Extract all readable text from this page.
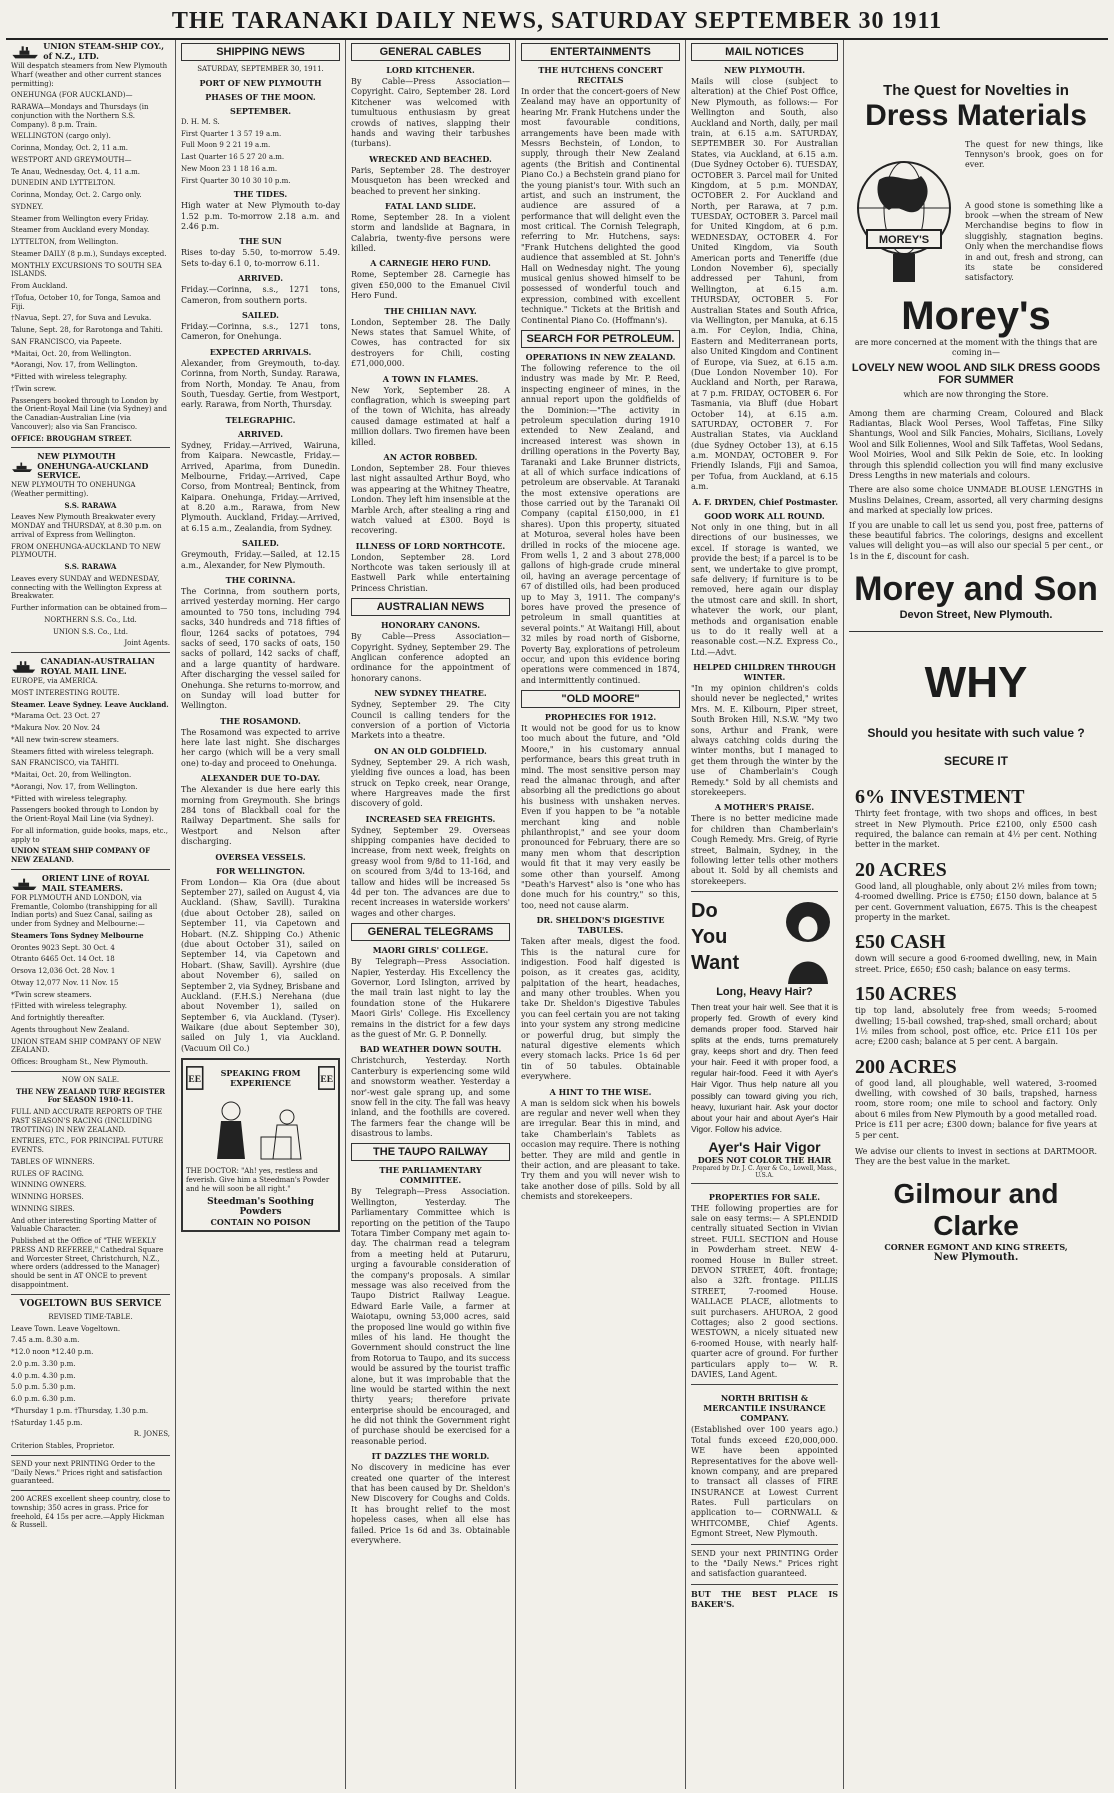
THE TARANAKI DAILY NEWS, SATURDAY SEPTEMBER 30 1911
UNION STEAM-SHIP COY., of N.Z., LTD.

Will despatch steamers from New Plymouth Wharf (weather and other current stances permitting):

ONEHUNGA (FOR AUCKLAND)—

RARAWA—Mondays and Thursdays (in conjunction with the Northern S.S. Company). 8 p.m. Train.

WELLINGTON (cargo only).

Corinna, Monday, Oct. 2, 11 a.m.

WESTPORT AND GREYMOUTH—

Te Anau, Wednesday, Oct. 4, 11 a.m.

DUNEDIN AND LYTTELTON.

Corinna, Monday, Oct. 2. Cargo only.

SYDNEY.

Steamer from Wellington every Friday.

Steamer from Auckland every Monday.

LYTTELTON, from Wellington.

Steamer DAILY (8 p.m.), Sundays excepted.

MONTHLY EXCURSIONS TO SOUTH SEA ISLANDS.

From Auckland.

†Tofua, October 10, for Tonga, Samoa and Fiji.

†Navua, Sept. 27, for Suva and Levuka.

Talune, Sept. 28, for Rarotonga and Tahiti.

SAN FRANCISCO, via Papeete.

*Maitai, Oct. 20, from Wellington.

*Aorangi, Nov. 17, from Wellington.

*Fitted with wireless telegraphy.

†Twin screw.

Passengers booked through to London by the Orient-Royal Mail Line (via Sydney) and the Canadian-Australian Line (via Vancouver); also via San Francisco.

OFFICE: BROUGHAM STREET.

NEW PLYMOUTH ONEHUNGA-AUCKLAND SERVICE.

NEW PLYMOUTH TO ONEHUNGA (Weather permitting).

S.S. RARAWA

Leaves New Plymouth Breakwater every MONDAY and THURSDAY, at 8.30 p.m. on arrival of Express from Wellington.

FROM ONEHUNGA-AUCKLAND TO NEW PLYMOUTH.

S.S. RARAWA

Leaves every SUNDAY and WEDNESDAY, connecting with the Wellington Express at Breakwater.

Further information can be obtained from—

NORTHERN S.S. Co., Ltd.

UNION S.S. Co., Ltd.

Joint Agents.

CANADIAN-AUSTRALIAN ROYAL MAIL LINE.

EUROPE, via AMERICA.

MOST INTERESTING ROUTE.

Steamer. Leave Sydney. Leave Auckland.

*Marama Oct. 23 Oct. 27

*Makura Nov. 20 Nov. 24

*All new twin-screw steamers.

Steamers fitted with wireless telegraph.

SAN FRANCISCO, via TAHITI.

*Maitai, Oct. 20, from Wellington.

*Aorangi, Nov. 17, from Wellington.

*Fitted with wireless telegraphy.

Passengers booked through to London by the Orient-Royal Mail Line (via Sydney).

For all information, guide books, maps, etc., apply to

UNION STEAM SHIP COMPANY OF NEW ZEALAND.

ORIENT LINE of ROYAL MAIL STEAMERS.

FOR PLYMOUTH AND LONDON, via Fremantle, Colombo (transhipping for all Indian ports) and Suez Canal, sailing as under from Sydney and Melbourne:—

Steamers Tons Sydney Melbourne

Orontes 9023 Sept. 30 Oct. 4

Otranto 6465 Oct. 14 Oct. 18

Orsova 12,036 Oct. 28 Nov. 1

Otway 12,077 Nov. 11 Nov. 15

*Twin screw steamers.

†Fitted with wireless telegraphy.

And fortnightly thereafter.

Agents throughout New Zealand.

UNION STEAM SHIP COMPANY OF NEW ZEALAND.

Offices: Brougham St., New Plymouth.

NOW ON SALE.

THE NEW ZEALAND TURF REGISTER For SEASON 1910-11.

FULL AND ACCURATE REPORTS OF THE PAST SEASON'S RACING (INCLUDING TROTTING) IN NEW ZEALAND.

ENTRIES, ETC., FOR PRINCIPAL FUTURE EVENTS.

TABLES OF WINNERS.

RULES OF RACING.

WINNING OWNERS.

WINNING HORSES.

WINNING SIRES.

And other interesting Sporting Matter of Valuable Character.

Published at the Office of "THE WEEKLY PRESS AND REFEREE," Cathedral Square and Worcester Street, Christchurch, N.Z., where orders (addressed to the Manager) should be sent in AT ONCE to prevent disappointment.

VOGELTOWN BUS SERVICE

REVISED TIME-TABLE.

Leave Town. Leave Vogeltown.

7.45 a.m. 8.30 a.m.

*12.0 noon *12.40 p.m.

2.0 p.m. 3.30 p.m.

4.0 p.m. 4.30 p.m.

5.0 p.m. 5.30 p.m.

6.0 p.m. 6.30 p.m.

*Thursday 1 p.m. †Thursday, 1.30 p.m.

†Saturday 1.45 p.m.

R. JONES,

Criterion Stables, Proprietor.

SEND your next PRINTING Order to the "Daily News." Prices right and satisfaction guaranteed.

200 ACRES excellent sheep country, close to township; 350 acres in grass. Price for freehold, £4 15s per acre.—Apply Hickman & Russell.

SHIPPING NEWS

SATURDAY, SEPTEMBER 30, 1911.

PORT OF NEW PLYMOUTH
PHASES OF THE MOON.
SEPTEMBER.

D. H. M. S.

First Quarter 1 3 57 19 a.m.

Full Moon 9 2 21 19 a.m.

Last Quarter 16 5 27 20 a.m.

New Moon 23 1 18 16 a.m.

First Quarter 30 10 30 10 p.m.

THE TIDES.

High water at New Plymouth to-day 1.52 p.m. To-morrow 2.18 a.m. and 2.46 p.m.

THE SUN

Rises to-day 5.50, to-morrow 5.49. Sets to-day 6.1 0, to-morrow 6.11.

ARRIVED.

Friday.—Corinna, s.s., 1271 tons, Cameron, from southern ports.

SAILED.

Friday.—Corinna, s.s., 1271 tons, Cameron, for Onehunga.

EXPECTED ARRIVALS.

Alexander, from Greymouth, to-day. Corinna, from North, Sunday. Rarawa, from North, Monday. Te Anau, from South, Tuesday. Gertie, from Westport, early. Rarawa, from North, Thursday.

TELEGRAPHIC.
ARRIVED.

Sydney, Friday.—Arrived, Wairuna, from Kaipara. Newcastle, Friday.—Arrived, Aparima, from Dunedin. Melbourne, Friday.—Arrived, Cape Corso, from Montreal; Bentinck, from Kaipara. Onehunga, Friday.—Arrived, at 8.20 a.m., Rarawa, from New Plymouth. Auckland, Friday.—Arrived, at 6.15 a.m., Zealandia, from Sydney.

SAILED.

Greymouth, Friday.—Sailed, at 12.15 a.m., Alexander, for New Plymouth.

THE CORINNA.

The Corinna, from southern ports, arrived yesterday morning. Her cargo amounted to 750 tons, including 794 sacks, 340 hundreds and 718 fifties of flour, 1264 sacks of potatoes, 794 sacks of seed, 170 sacks of oats, 150 sacks of pollard, 142 sacks of chaff, and a large quantity of hardware. After discharging the vessel sailed for Onehunga. She returns to-morrow, and on Sunday will load butter for Wellington.

THE ROSAMOND.

The Rosamond was expected to arrive here late last night. She discharges her cargo (which will be a very small one) to-day and proceed to Onehunga.

ALEXANDER DUE TO-DAY.

The Alexander is due here early this morning from Greymouth. She brings 284 tons of Blackball coal for the Railway Department. She sails for Westport and Nelson after discharging.

OVERSEA VESSELS.
FOR WELLINGTON.

From London— Kia Ora (due about September 27), sailed on August 4, via Auckland. (Shaw, Savill). Turakina (due about October 28), sailed on September 11, via Capetown and Hobart. (N.Z. Shipping Co.) Athenic (due about October 31), sailed on September 14, via Capetown and Hobart. (Shaw, Savill). Ayrshire (due about November 6), sailed on September 2, via Sydney, Brisbane and Auckland. (F.H.S.) Nerehana (due about November 1), sailed on September 6, via Auckland. (Tyser). Waikare (due about September 30), sailed on July 1, via Auckland. (Vacuum Oil Co.)

EE
SPEAKING FROM EXPERIENCE	EE

THE DOCTOR: "Ah! yes, restless and feverish. Give him a Steedman's Powder and he will soon be all right."

Steedman's Soothing Powders
CONTAIN NO POISON
GENERAL CABLES
LORD KITCHENER.

By Cable—Press Association—Copyright. Cairo, September 28. Lord Kitchener was welcomed with tumultuous enthusiasm by great crowds of natives, slapping their hands and waving their tarbushes (turbans).

WRECKED AND BEACHED.

Paris, September 28. The destroyer Mousqueton has been wrecked and beached to prevent her sinking.

FATAL LAND SLIDE.

Rome, September 28. In a violent storm and landslide at Bagnara, in Calabria, twenty-five persons were killed.

A CARNEGIE HERO FUND.

Rome, September 28. Carnegie has given £50,000 to the Emanuel Civil Hero Fund.

THE CHILIAN NAVY.

London, September 28. The Daily News states that Samuel White, of Cowes, has contracted for six destroyers for Chili, costing £71,000,000.

A TOWN IN FLAMES.

New York, September 28. A conflagration, which is sweeping part of the town of Wichita, has already caused damage estimated at half a million dollars. Two firemen have been killed.

AN ACTOR ROBBED.

London, September 28. Four thieves last night assaulted Arthur Boyd, who was appearing at the Whitney Theatre, London. They left him insensible at the Marble Arch, after stealing a ring and watch valued at £300. Boyd is recovering.

ILLNESS OF LORD NORTHCOTE.

London, September 28. Lord Northcote was taken seriously ill at Eastwell Park while entertaining Princess Christian.

AUSTRALIAN NEWS
HONORARY CANONS.

By Cable—Press Association—Copyright. Sydney, September 29. The Anglican conference adopted an ordinance for the appointment of honorary canons.

NEW SYDNEY THEATRE.

Sydney, September 29. The City Council is calling tenders for the conversion of a portion of Victoria Markets into a theatre.

ON AN OLD GOLDFIELD.

Sydney, September 29. A rich wash, yielding five ounces a load, has been struck on Tepko creek, near Orange, where Hargreaves made the first discovery of gold.

INCREASED SEA FREIGHTS.

Sydney, September 29. Overseas shipping companies have decided to increase, from next week, freights on greasy wool from 9/8d to 11-16d, and on scoured from 3/4d to 13-16d, and tallow and hides will be increased 5s 4d per ton. The advances are due to recent increases in waterside workers' wages and other charges.

GENERAL TELEGRAMS
MAORI GIRLS' COLLEGE.

By Telegraph—Press Association. Napier, Yesterday. His Excellency the Governor, Lord Islington, arrived by the mail train last night to lay the foundation stone of the Hukarere Maori Girls' College. His Excellency remains in the district for a few days as the guest of Mr. G. P. Donnelly.

BAD WEATHER DOWN SOUTH.

Christchurch, Yesterday. North Canterbury is experiencing some wild and snowstorm weather. Yesterday a nor'-west gale sprang up, and some snow fell in the city. The fall was heavy inland, and the foothills are covered. The farmers fear the change will be disastrous to lambs.

THE TAUPO RAILWAY
THE PARLIAMENTARY COMMITTEE.

By Telegraph—Press Association. Wellington, Yesterday. The Parliamentary Committee which is reporting on the petition of the Taupo Totara Timber Company met again to-day. The chairman read a telegram from a meeting held at Putaruru, urging a favourable consideration of the company's proposals. A similar message was also received from the Taupo District Railway League. Edward Earle Vaile, a farmer at Waiotapu, owning 53,000 acres, said the proposed line would go within five miles of his land. He thought the Government should construct the line from Rotorua to Taupo, and its success would be assured by the tourist traffic alone, but it was improbable that the line would be started within the next thirty years; therefore private enterprise should be encouraged, and he did not think the Government right of purchase should be exercised for a reasonable period.

IT DAZZLES THE WORLD.

No discovery in medicine has ever created one quarter of the interest that has been caused by Dr. Sheldon's New Discovery for Coughs and Colds. It has brought relief to the most hopeless cases, when all else has failed. Price 1s 6d and 3s. Obtainable everywhere.

ENTERTAINMENTS
THE HUTCHENS CONCERT RECITALS

In order that the concert-goers of New Zealand may have an opportunity of hearing Mr. Frank Hutchens under the most favourable conditions, arrangements have been made with Messrs Bechstein, of London, to supply, through their New Zealand agents (the British and Continental Piano Co.) a Bechstein grand piano for the young pianist's tour. With such an artist, and such an instrument, the audience are assured of a performance that will delight even the most critical. The Cornish Telegraph, referring to Mr. Hutchens, says: "Frank Hutchens delighted the good audience that assembled at St. John's Hall on Wednesday night. The young musical genius showed himself to be possessed of wonderful touch and expression, combined with excellent technique." Tickets at the British and Continental Piano Co. (Hoffmann's).

SEARCH FOR PETROLEUM.
OPERATIONS IN NEW ZEALAND.

The following reference to the oil industry was made by Mr. P. Reed, inspecting engineer of mines, in the annual report upon the goldfields of the Dominion:—"The activity in petroleum speculation during 1910 extended to New Zealand, and increased interest was shown in drilling operations in the Poverty Bay, Taranaki and Lake Brunner districts, at all of which surface indications of petroleum are observable. At Taranaki the most extensive operations are those carried out by the Taranaki Oil Company (capital £150,000, in £1 shares). Upon this property, situated at Moturoa, several holes have been drilled in rocks of the miocene age. From wells 1, 2 and 3 about 278,000 gallons of high-grade crude mineral oil, having an average percentage of 67 of distilled oils, had been produced up to May 3, 1911. The company's bores have proved the presence of petroleum in small quantities at several points." At Waitangi Hill, about 32 miles by road north of Gisborne, Poverty Bay, explorations of petroleum occur, and upon this evidence boring operations were commenced in 1874, and intermittently continued.

"OLD MOORE"
PROPHECIES FOR 1912.

It would not be good for us to know too much about the future, and "Old Moore," in his customary annual performance, bears this great truth in mind. The most sensitive person may read the almanac through, and after absorbing all the predictions go about his business with unshaken nerves. Even if you happen to be "a notable merchant king and noble philanthropist," and see your doom pronounced for February, there are so many men whom that description would fit that it may very easily be some other than yourself. Among "Death's Harvest" also is "one who has done much for his country," so this, too, need not cause alarm.

DR. SHELDON'S DIGESTIVE TABULES.

Taken after meals, digest the food. This is the natural cure for indigestion. Food half digested is poison, as it creates gas, acidity, palpitation of the heart, headaches, and many other troubles. When you take Dr. Sheldon's Digestive Tabules you can feel certain you are not taking into your system any strong medicine or powerful drug, but simply the natural digestive elements which every stomach lacks. Price 1s 6d per tin of 50 tabules. Obtainable everywhere.

A HINT TO THE WISE.

A man is seldom sick when his bowels are regular and never well when they are irregular. Bear this in mind, and take Chamberlain's Tablets as occasion may require. There is nothing better. They are mild and gentle in their action, and are pleasant to take. Try them and you will never wish to take another dose of pills. Sold by all chemists and storekeepers.

MAIL NOTICES
NEW PLYMOUTH.

Mails will close (subject to alteration) at the Chief Post Office, New Plymouth, as follows:— For Wellington and South, also Auckland and North, daily, per mail train, at 6.15 a.m. SATURDAY, SEPTEMBER 30. For Australian States, via Auckland, at 6.15 a.m. (Due Sydney October 6). TUESDAY, OCTOBER 3. Parcel mail for United Kingdom, at 5 p.m. MONDAY, OCTOBER 2. For Auckland and North, per Rarawa, at 7 p.m. TUESDAY, OCTOBER 3. Parcel mail for United Kingdom, at 6 p.m. WEDNESDAY, OCTOBER 4. For United Kingdom, via South American ports and Teneriffe (due London November 6), specially addressed per Tahuni, from Wellington, at 6.15 a.m. THURSDAY, OCTOBER 5. For Australian States and South Africa, via Wellington, per Manuka, at 6.15 a.m. For Ceylon, India, China, Eastern and Mediterranean ports, also United Kingdom and Continent of Europe, via Suez, at 6.15 a.m. (Due London November 10). For Auckland and North, per Rarawa, at 7 p.m. FRIDAY, OCTOBER 6. For Tasmania, via Bluff (due Hobart October 14), at 6.15 a.m. SATURDAY, OCTOBER 7. For Australian States, via Auckland (due Sydney October 13), at 6.15 a.m. MONDAY, OCTOBER 9. For Friendly Islands, Fiji and Samoa, per Tofua, from Auckland, at 6.15 a.m.

A. F. DRYDEN, Chief Postmaster.

GOOD WORK ALL ROUND.

Not only in one thing, but in all directions of our businesses, we excel. If storage is wanted, we provide the best; if a parcel is to be sent, we undertake to give prompt, safe delivery; if furniture is to be removed, here again our display the utmost care and skill. In short, whatever the work, our plant, methods and organisation enable us to do it really well at a reasonable cost.—N.Z. Express Co., Ltd.—Advt.

HELPED CHILDREN THROUGH WINTER.

"In my opinion children's colds should never be neglected," writes Mrs. M. E. Kilbourn, Piper street, South Broken Hill, N.S.W. "My two sons, Arthur and Frank, were always catching colds during the winter months, but I managed to get them through the winter by the use of Chamberlain's Cough Remedy." Sold by all chemists and storekeepers.

A MOTHER'S PRAISE.

There is no better medicine made for children than Chamberlain's Cough Remedy. Mrs. Greig, of Ryrie street, Balmain, Sydney, in the following letter tells other mothers about it. Sold by all chemists and storekeepers.

Do
You
Want
Long, Heavy Hair?

Then treat your hair well. See that it is properly fed. Growth of every kind demands proper food. Starved hair splits at the ends, turns prematurely gray, keeps short and dry. Then feed your hair. Feed it with proper food, a regular hair-food. Feed it with Ayer's Hair Vigor. Thus help nature all you possibly can toward giving you rich, heavy, luxuriant hair. Ask your doctor about your hair and about Ayer's Hair Vigor. Follow his advice.

Ayer's Hair Vigor
DOES NOT COLOR THE HAIR
Prepared by Dr. J. C. Ayer & Co., Lowell, Mass., U.S.A.
PROPERTIES FOR SALE.

THE following properties are for sale on easy terms:— A SPLENDID centrally situated Section in Vivian street. FULL SECTION and House in Powderham street. NEW 4-roomed House in Buller street. DEVON STREET, 40ft. frontage; also a 32ft. frontage. PILLIS STREET, 7-roomed House. WALLACE PLACE, allotments to suit purchasers. AHUROA, 2 good Cottages; also 2 good sections. WESTOWN, a nicely situated new 6-roomed House, with nearly half-quarter acre of ground. For further particulars apply to— W. R. DAVIES, Land Agent.

NORTH BRITISH & MERCANTILE INSURANCE COMPANY.

(Established over 100 years ago.) Total funds exceed £20,000,000. WE have been appointed Representatives for the above well-known company, and are prepared to transact all classes of FIRE INSURANCE at Lowest Current Rates. Full particulars on application to— CORNWALL & WHITCOMBE, Chief Agents. Egmont Street, New Plymouth.

SEND your next PRINTING Order to the "Daily News." Prices right and satisfaction guaranteed.

BUT THE BEST PLACE IS BAKER'S.

The Quest for Novelties in
Dress Materials
MOREY'S

The quest for new things, like Tennyson's brook, goes on for ever.

A good stone is something like a brook —when the stream of New Merchandise begins to flow in sluggishly, stagnation begins. Only when the merchandise flows in and out, fresh and strong, can its state be considered satisfactory.

Morey's

are more concerned at the moment with the things that are coming in—

LOVELY NEW WOOL AND SILK DRESS GOODS FOR SUMMER

which are now thronging the Store.

Among them are charming Cream, Coloured and Black Radiantas, Black Wool Perses, Wool Taffetas, Fine Silky Shantungs, Wool and Silk Fancies, Mohairs, Sicilians, Lovely Wool and Silk Eoliennes, Wool and Silk Taffetas, Wool Sedans, Wool Moiries, Wool and Silk Pekin de Soie, etc. In looking through this splendid collection you will find many exclusive Dress Lengths in new materials and colours.

There are also some choice UNMADE BLOUSE LENGTHS in Muslins Delaines, Cream, assorted, all very charming designs and marked at specially low prices.

If you are unable to call let us send you, post free, patterns of these beautiful fabrics. The colorings, designs and excellent values will delight you—as will also our special 5 per cent., or 1s in the £, discount for cash.

Morey and Son
Devon Street, New Plymouth.
WHY
Should you hesitate with such value ?
SECURE IT
6% INVESTMENT

Thirty feet frontage, with two shops and offices, in best street in New Plymouth. Price £2100, only £500 cash required, the balance can remain at 4½ per cent. Nothing better in the market.

20 ACRES

Good land, all ploughable, only about 2½ miles from town; 4-roomed dwelling. Price is £750; £150 down, balance at 5 per cent. Government valuation, £675. This is the cheapest property in the market.

£50 CASH

down will secure a good 6-roomed dwelling, new, in Main street. Price, £650; £50 cash; balance on easy terms.

150 ACRES

tip top land, absolutely free from weeds; 5-roomed dwelling; 15-bail cowshed, trap-shed, small orchard; about 1½ miles from school, post office, etc. Price £11 10s per acre; £200 cash; balance at 5 per cent. A bargain.

200 ACRES

of good land, all ploughable, well watered, 3-roomed dwelling, with cowshed of 30 bails, trapshed, harness room, store room; one mile to school and factory. Only about 6 miles from New Plymouth by a good metalled road. Price is £11 per acre; £300 down; balance for five years at 5 per cent.

We advise our clients to invest in sections at DARTMOOR. They are the best value in the market.

Gilmour and Clarke
CORNER EGMONT AND KING STREETS,
New Plymouth.
